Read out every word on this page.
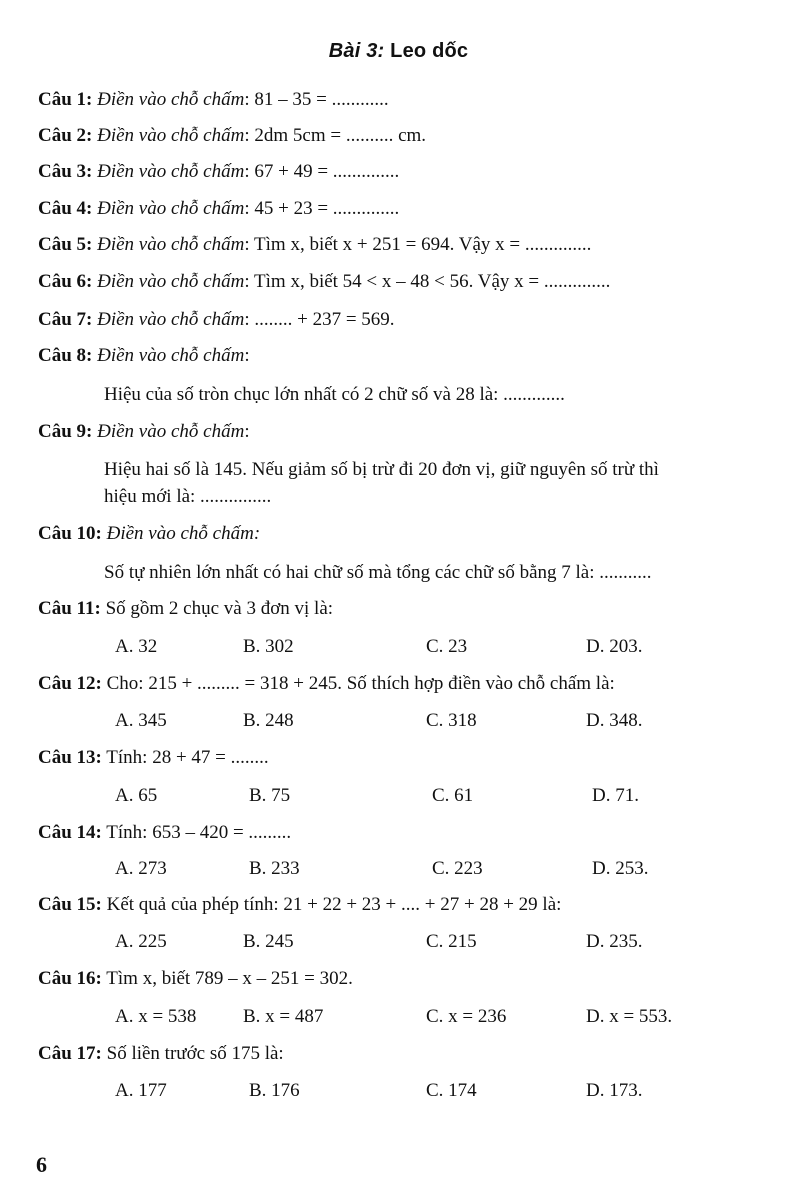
Bài 3: Leo dốc
Câu 1: Điền vào chỗ chấm: 81 – 35 = ............
Câu 2: Điền vào chỗ chấm: 2dm 5cm = .......... cm.
Câu 3: Điền vào chỗ chấm: 67 + 49 = ..............
Câu 4: Điền vào chỗ chấm: 45 + 23 = ..............
Câu 5: Điền vào chỗ chấm: Tìm x, biết x + 251 = 694. Vậy x = ..............
Câu 6: Điền vào chỗ chấm: Tìm x, biết 54 < x – 48 < 56. Vậy x = ..............
Câu 7: Điền vào chỗ chấm: ........ + 237 = 569.
Câu 8: Điền vào chỗ chấm:
Hiệu của số tròn chục lớn nhất có 2 chữ số và 28 là: .............
Câu 9: Điền vào chỗ chấm:
Hiệu hai số là 145. Nếu giảm số bị trừ đi 20 đơn vị, giữ nguyên số trừ thì
hiệu mới là: ...............
Câu 10: Điền vào chỗ chấm:
Số tự nhiên lớn nhất có hai chữ số mà tổng các chữ số bằng 7 là: ...........
Câu 11: Số gồm 2 chục và 3 đơn vị là:
A. 32	B. 302	C. 23	D. 203.
Câu 12: Cho: 215 + ......... = 318 + 245. Số thích hợp điền vào chỗ chấm là:
A. 345	B. 248	C. 318	D. 348.
Câu 13: Tính: 28 + 47 = ........
A. 65	B. 75	C. 61	D. 71.
Câu 14: Tính: 653 – 420 = .........
A. 273	B. 233	C. 223	D. 253.
Câu 15: Kết quả của phép tính: 21 + 22 + 23 + .... + 27 + 28 + 29 là:
A. 225	B. 245	C. 215	D. 235.
Câu 16: Tìm x, biết 789 – x – 251 = 302.
A. x = 538 B. x = 487	C. x = 236	D. x = 553.
Câu 17: Số liền trước số 175 là:
A. 177	B. 176	C. 174	D. 173.
6
